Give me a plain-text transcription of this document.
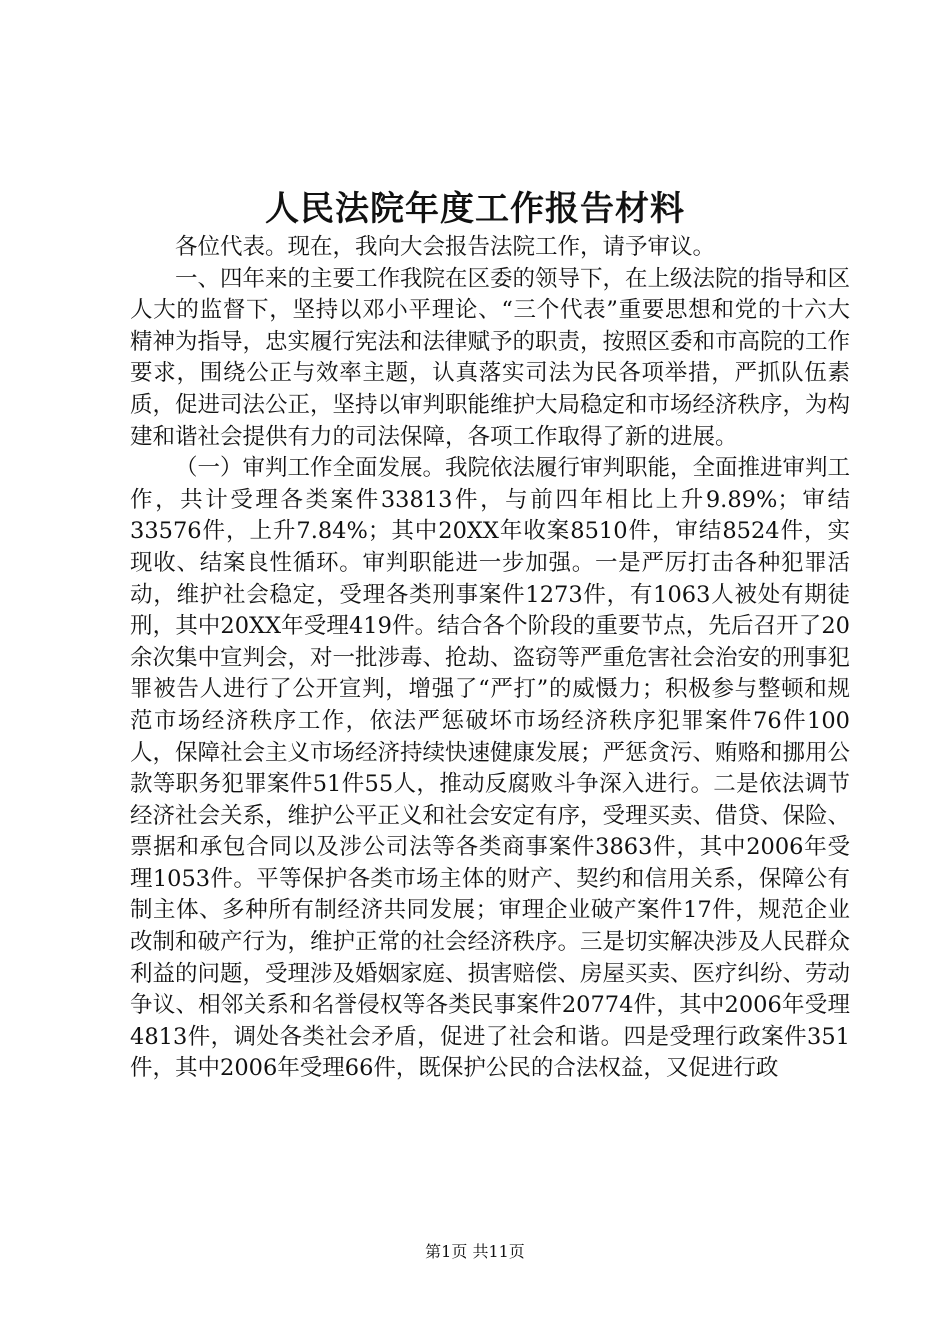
人民法院年度工作报告材料

各位代表。现在，我向大会报告法院工作，请予审议。

一、四年来的主要工作我院在区委的领导下，在上级法院的指导和区人大的监督下，坚持以邓小平理论、“三个代表”重要思想和党的十六大精神为指导，忠实履行宪法和法律赋予的职责，按照区委和市高院的工作要求，围绕公正与效率主题，认真落实司法为民各项举措，严抓队伍素质，促进司法公正，坚持以审判职能维护大局稳定和市场经济秩序，为构建和谐社会提供有力的司法保障，各项工作取得了新的进展。

（一）审判工作全面发展。我院依法履行审判职能，全面推进审判工作，共计受理各类案件33813件，与前四年相比上升9.89%；审结33576件，上升7.84%；其中20XX年收案8510件，审结8524件，实现收、结案良性循环。审判职能进一步加强。一是严厉打击各种犯罪活动，维护社会稳定，受理各类刑事案件1273件，有1063人被处有期徒刑，其中20XX年受理419件。结合各个阶段的重要节点，先后召开了20余次集中宣判会，对一批涉毒、抢劫、盗窃等严重危害社会治安的刑事犯罪被告人进行了公开宣判，增强了“严打”的威慑力；积极参与整顿和规范市场经济秩序工作，依法严惩破坏市场经济秩序犯罪案件76件100人，保障社会主义市场经济持续快速健康发展；严惩贪污、贿赂和挪用公款等职务犯罪案件51件55人，推动反腐败斗争深入进行。二是依法调节经济社会关系，维护公平正义和社会安定有序，受理买卖、借贷、保险、票据和承包合同以及涉公司法等各类商事案件3863件，其中2006年受理1053件。平等保护各类市场主体的财产、契约和信用关系，保障公有制主体、多种所有制经济共同发展；审理企业破产案件17件，规范企业改制和破产行为，维护正常的社会经济秩序。三是切实解决涉及人民群众利益的问题，受理涉及婚姻家庭、损害赔偿、房屋买卖、医疗纠纷、劳动争议、相邻关系和名誉侵权等各类民事案件20774件，其中2006年受理4813件，调处各类社会矛盾，促进了社会和谐。四是受理行政案件351件，其中2006年受理66件，既保护公民的合法权益，又促进行政

第1页 共11页
